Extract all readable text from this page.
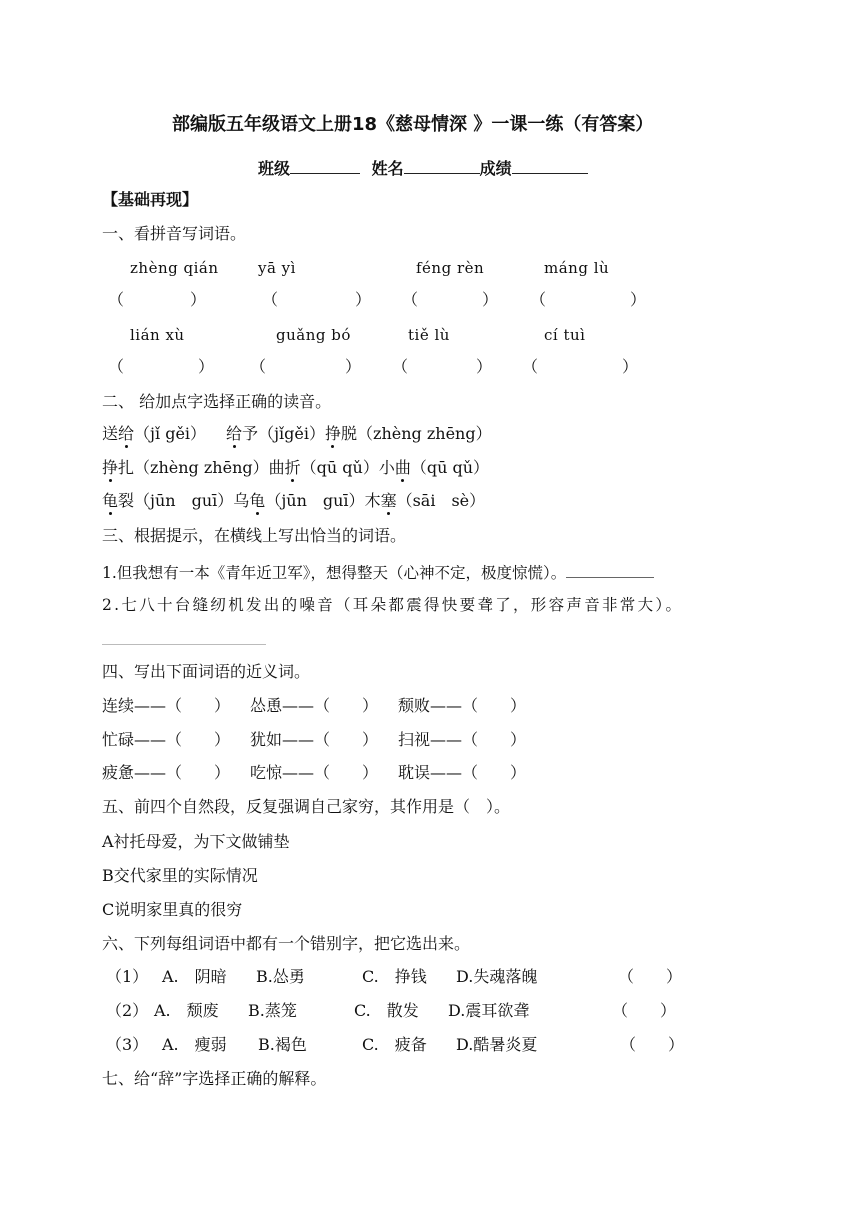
部编版五年级语文上册18《慈母情深 》一课一练（有答案）
班级	姓名	成绩
【基础再现】
一、看拼音写词语。
zhèng qián	yā yì	féng rèn	máng lù
（	）	（	） （	） （	）
lián xù	guǎng bó	tiě lù	cí tuì
（	） （	） （	） （	）
二、 给加点字选择正确的读音。
送给（jǐ gěi） 给予（jǐgěi）挣脱（zhèng zhēng）
挣扎（zhèng zhēng）曲折（qū qǔ）小曲（qū qǔ）
龟裂（jūn　guī）乌龟（jūn　guī）木塞（sāi　sè）
三、根据提示，在横线上写出恰当的词语。
1.但我想有一本《青年近卫军》，想得整天（心神不定，极度惊慌）。
2.七八十台缝纫机发出的噪音（耳朵都震得快要聋了，形容声音非常大）。
四、写出下面词语的近义词。
连续——（　　） 怂恿——（　　） 颓败——（　　）
忙碌——（　　） 犹如——（　　） 扫视——（　　）
疲惫——（　　） 吃惊——（　　） 耽误——（　　）
五、前四个自然段，反复强调自己家穷，其作用是（　）。
A衬托母爱，为下文做铺垫
B交代家里的实际情况
C说明家里真的很穷
六、下列每组词语中都有一个错别字，把它选出来。
（1） A.　阴暗 B.怂勇	C.　挣钱 D.失魂落魄	（　　）
（2） A.　颓废 B.蒸笼	C.　散发 D.震耳欲聋	（　　）
（3） A.　瘦弱 B.褐色	C.　疲备 D.酷暑炎夏	（　　）
七、给“辞”字选择正确的解释。
